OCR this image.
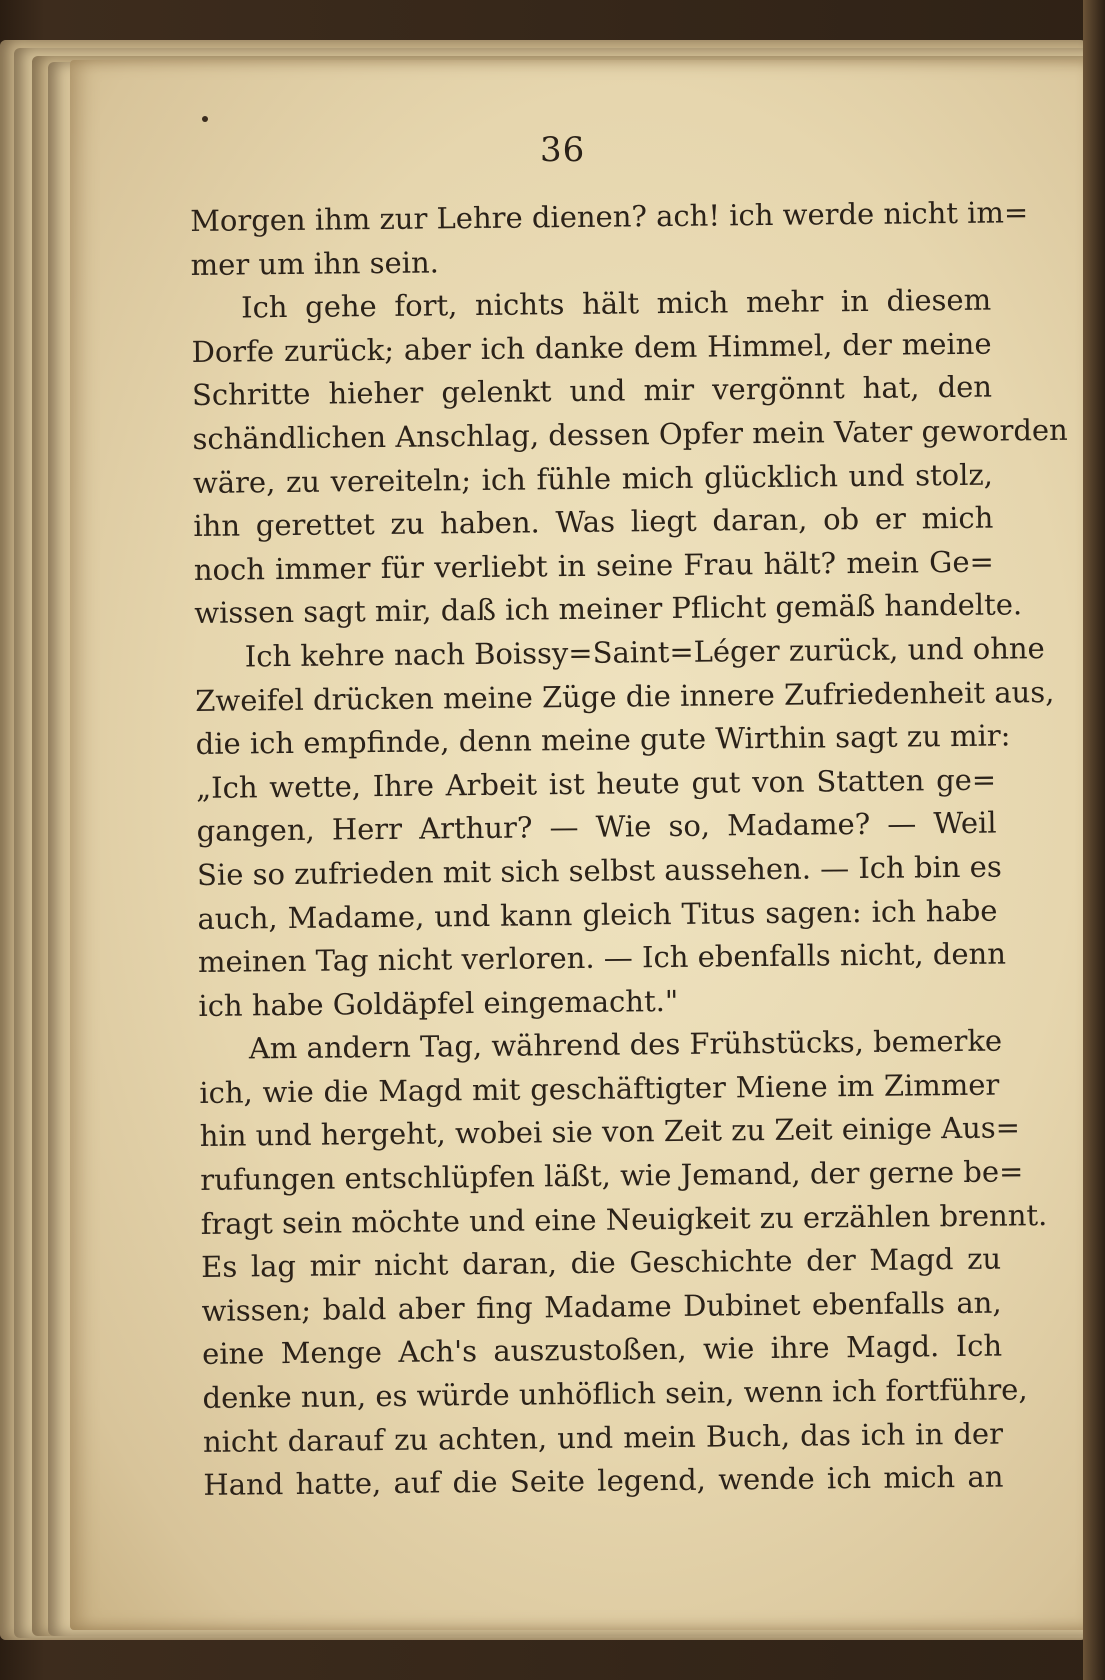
36
Morgen ihm zur Lehre dienen? ach! ich werde nicht im=
mer um ihn sein.
Ich gehe fort, nichts hält mich mehr in diesem
Dorfe zurück; aber ich danke dem Himmel, der meine
Schritte hieher gelenkt und mir vergönnt hat, den
schändlichen Anschlag, dessen Opfer mein Vater geworden
wäre, zu vereiteln; ich fühle mich glücklich und stolz,
ihn gerettet zu haben. Was liegt daran, ob er mich
noch immer für verliebt in seine Frau hält? mein Ge=
wissen sagt mir, daß ich meiner Pflicht gemäß handelte.
Ich kehre nach Boissy=Saint=Léger zurück, und ohne
Zweifel drücken meine Züge die innere Zufriedenheit aus,
die ich empfinde, denn meine gute Wirthin sagt zu mir:
„Ich wette, Ihre Arbeit ist heute gut von Statten ge=
gangen, Herr Arthur? — Wie so, Madame? — Weil
Sie so zufrieden mit sich selbst aussehen. — Ich bin es
auch, Madame, und kann gleich Titus sagen: ich habe
meinen Tag nicht verloren. — Ich ebenfalls nicht, denn
ich habe Goldäpfel eingemacht."
Am andern Tag, während des Frühstücks, bemerke
ich, wie die Magd mit geschäftigter Miene im Zimmer
hin und hergeht, wobei sie von Zeit zu Zeit einige Aus=
rufungen entschlüpfen läßt, wie Jemand, der gerne be=
fragt sein möchte und eine Neuigkeit zu erzählen brennt.
Es lag mir nicht daran, die Geschichte der Magd zu
wissen; bald aber fing Madame Dubinet ebenfalls an,
eine Menge Ach's auszustoßen, wie ihre Magd. Ich
denke nun, es würde unhöflich sein, wenn ich fortführe,
nicht darauf zu achten, und mein Buch, das ich in der
Hand hatte, auf die Seite legend, wende ich mich an
